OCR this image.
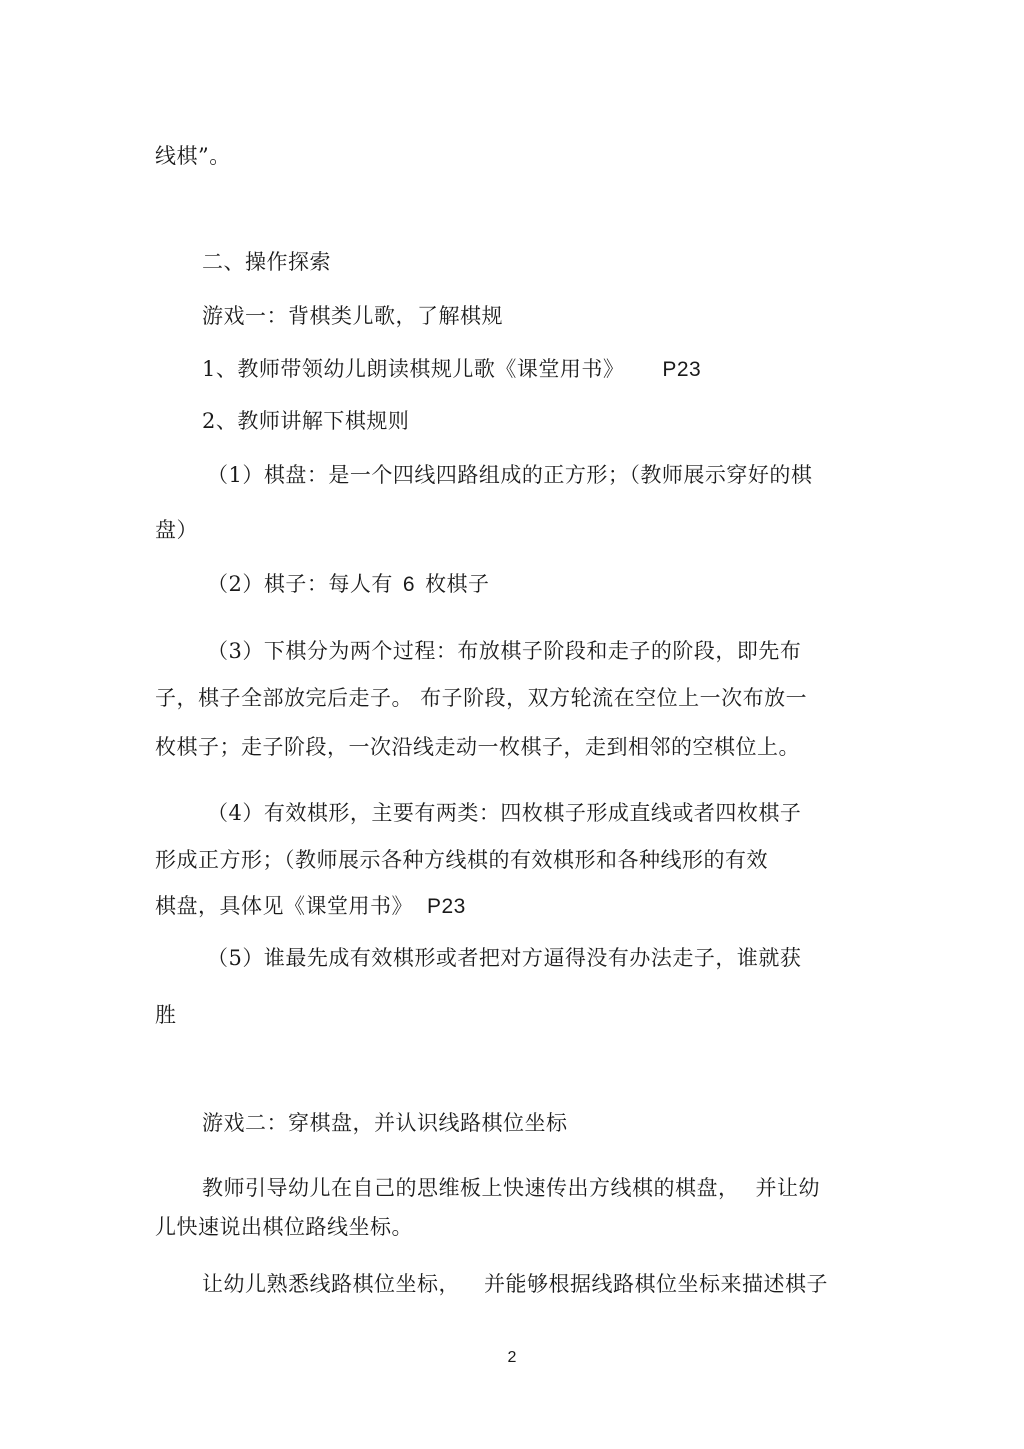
线棋”。
二、操作探索
游戏一：背棋类儿歌，了解棋规
1、教师带领幼儿朗读棋规儿歌《课堂用书》 P23
2、教师讲解下棋规则
（1）棋盘：是一个四线四路组成的正方形；（教师展示穿好的棋
盘）
（2）棋子：每人有 6 枚棋子
（3）下棋分为两个过程：布放棋子阶段和走子的阶段，即先布
子，棋子全部放完后走子。 布子阶段，双方轮流在空位上一次布放一
枚棋子；走子阶段，一次沿线走动一枚棋子，走到相邻的空棋位上。
（4）有效棋形，主要有两类：四枚棋子形成直线或者四枚棋子
形成正方形；（教师展示各种方线棋的有效棋形和各种线形的有效
棋盘，具体见《课堂用书》 P23
（5）谁最先成有效棋形或者把对方逼得没有办法走子，谁就获
胜
游戏二：穿棋盘，并认识线路棋位坐标
教师引导幼儿在自己的思维板上快速传出方线棋的棋盘， 并让幼
儿快速说出棋位路线坐标。
让幼儿熟悉线路棋位坐标， 并能够根据线路棋位坐标来描述棋子
2
